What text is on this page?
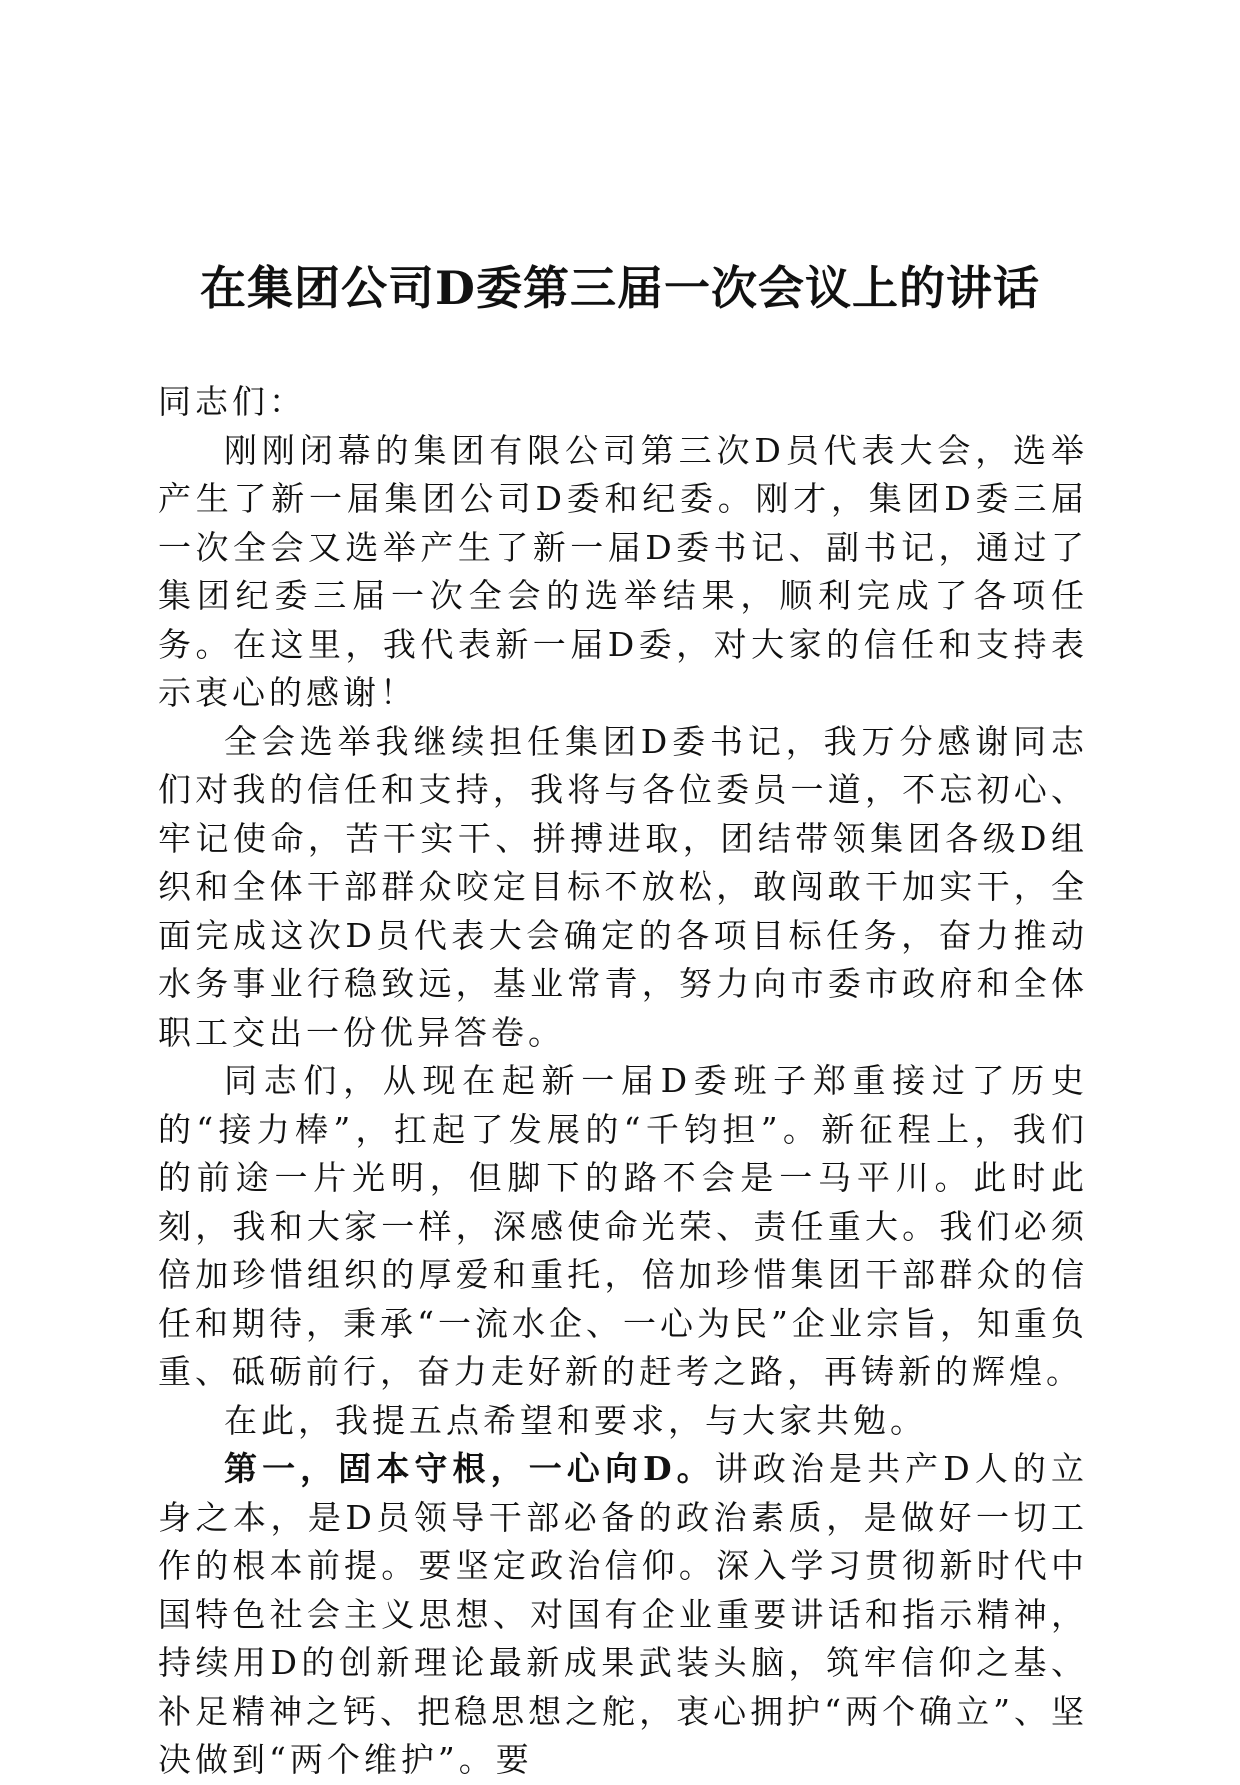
在集团公司D委第三届一次会议上的讲话

同志们：

刚刚闭幕的集团有限公司第三次D员代表大会，选举产生了新一届集团公司D委和纪委。刚才，集团D委三届一次全会又选举产生了新一届D委书记、副书记，通过了集团纪委三届一次全会的选举结果，顺利完成了各项任务。在这里，我代表新一届D委，对大家的信任和支持表示衷心的感谢！

全会选举我继续担任集团D委书记，我万分感谢同志们对我的信任和支持，我将与各位委员一道，不忘初心、牢记使命，苦干实干、拼搏进取，团结带领集团各级D组织和全体干部群众咬定目标不放松，敢闯敢干加实干，全面完成这次D员代表大会确定的各项目标任务，奋力推动水务事业行稳致远，基业常青，努力向市委市政府和全体职工交出一份优异答卷。

同志们，从现在起新一届D委班子郑重接过了历史的“接力棒”，扛起了发展的“千钧担”。新征程上，我们的前途一片光明，但脚下的路不会是一马平川。此时此刻，我和大家一样，深感使命光荣、责任重大。我们必须倍加珍惜组织的厚爱和重托，倍加珍惜集团干部群众的信任和期待，秉承“一流水企、一心为民”企业宗旨，知重负重、砥砺前行，奋力走好新的赶考之路，再铸新的辉煌。

在此，我提五点希望和要求，与大家共勉。

第一，固本守根，一心向D。讲政治是共产D人的立身之本，是D员领导干部必备的政治素质，是做好一切工作的根本前提。要坚定政治信仰。深入学习贯彻新时代中国特色社会主义思想、对国有企业重要讲话和指示精神，持续用D的创新理论最新成果武装头脑，筑牢信仰之基、补足精神之钙、把稳思想之舵，衷心拥护“两个确立”、坚决做到“两个维护”。要
